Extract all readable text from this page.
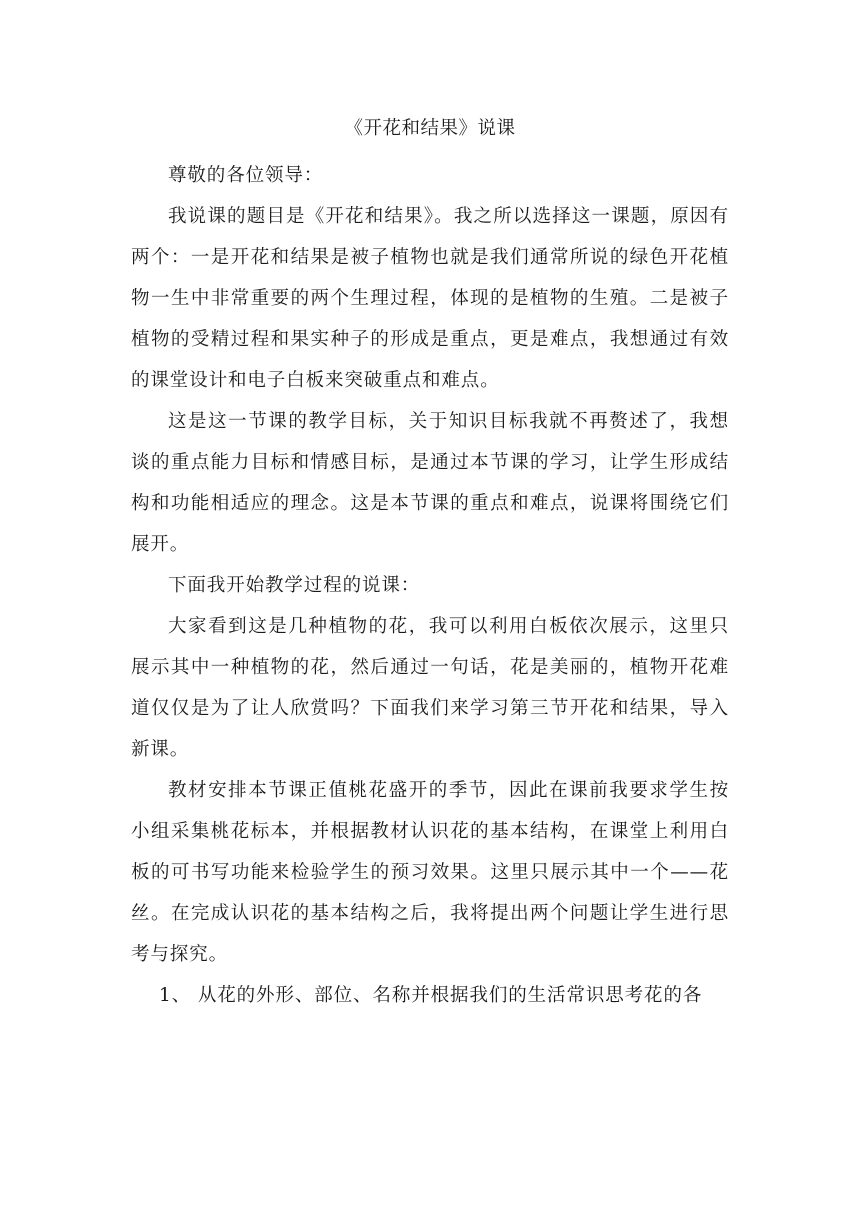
《开花和结果》说课

尊敬的各位领导：

我说课的题目是《开花和结果》。我之所以选择这一课题，原因有两个：一是开花和结果是被子植物也就是我们通常所说的绿色开花植物一生中非常重要的两个生理过程，体现的是植物的生殖。二是被子植物的受精过程和果实种子的形成是重点，更是难点，我想通过有效的课堂设计和电子白板来突破重点和难点。

这是这一节课的教学目标，关于知识目标我就不再赘述了，我想谈的重点能力目标和情感目标，是通过本节课的学习，让学生形成结构和功能相适应的理念。这是本节课的重点和难点，说课将围绕它们展开。

下面我开始教学过程的说课：

大家看到这是几种植物的花，我可以利用白板依次展示，这里只展示其中一种植物的花，然后通过一句话，花是美丽的，植物开花难道仅仅是为了让人欣赏吗？下面我们来学习第三节开花和结果，导入新课。

教材安排本节课正值桃花盛开的季节，因此在课前我要求学生按小组采集桃花标本，并根据教材认识花的基本结构，在课堂上利用白板的可书写功能来检验学生的预习效果。这里只展示其中一个——花丝。在完成认识花的基本结构之后，我将提出两个问题让学生进行思考与探究。

1、 从花的外形、部位、名称并根据我们的生活常识思考花的各
